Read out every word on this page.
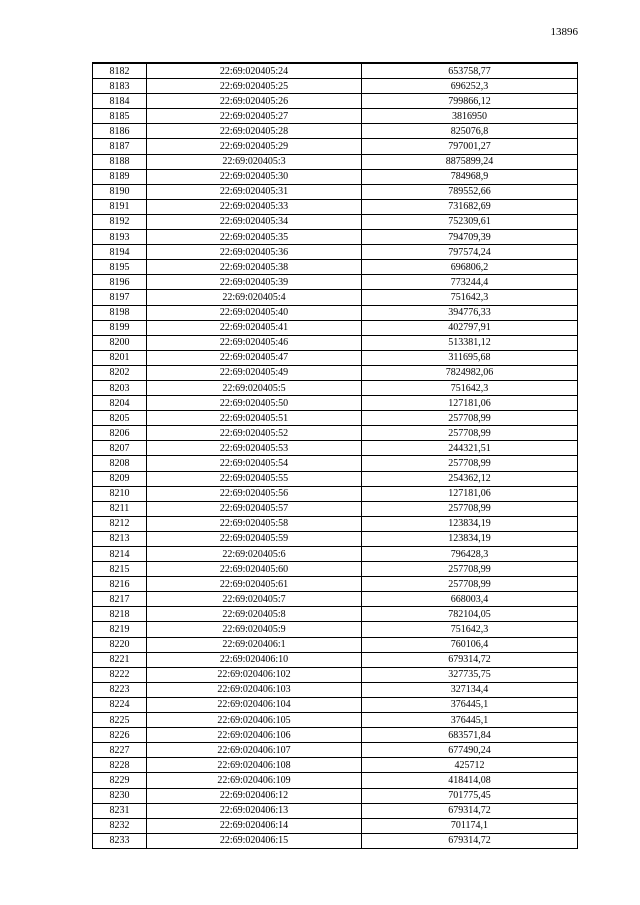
13896
8182	22:69:020405:24	653758,77
8183	22:69:020405:25	696252,3
8184	22:69:020405:26	799866,12
8185	22:69:020405:27	3816950
8186	22:69:020405:28	825076,8
8187	22:69:020405:29	797001,27
8188	22:69:020405:3	8875899,24
8189	22:69:020405:30	784968,9
8190	22:69:020405:31	789552,66
8191	22:69:020405:33	731682,69
8192	22:69:020405:34	752309,61
8193	22:69:020405:35	794709,39
8194	22:69:020405:36	797574,24
8195	22:69:020405:38	696806,2
8196	22:69:020405:39	773244,4
8197	22:69:020405:4	751642,3
8198	22:69:020405:40	394776,33
8199	22:69:020405:41	402797,91
8200	22:69:020405:46	513381,12
8201	22:69:020405:47	311695,68
8202	22:69:020405:49	7824982,06
8203	22:69:020405:5	751642,3
8204	22:69:020405:50	127181,06
8205	22:69:020405:51	257708,99
8206	22:69:020405:52	257708,99
8207	22:69:020405:53	244321,51
8208	22:69:020405:54	257708,99
8209	22:69:020405:55	254362,12
8210	22:69:020405:56	127181,06
8211	22:69:020405:57	257708,99
8212	22:69:020405:58	123834,19
8213	22:69:020405:59	123834,19
8214	22:69:020405:6	796428,3
8215	22:69:020405:60	257708,99
8216	22:69:020405:61	257708,99
8217	22:69:020405:7	668003,4
8218	22:69:020405:8	782104,05
8219	22:69:020405:9	751642,3
8220	22:69:020406:1	760106,4
8221	22:69:020406:10	679314,72
8222	22:69:020406:102	327735,75
8223	22:69:020406:103	327134,4
8224	22:69:020406:104	376445,1
8225	22:69:020406:105	376445,1
8226	22:69:020406:106	683571,84
8227	22:69:020406:107	677490,24
8228	22:69:020406:108	425712
8229	22:69:020406:109	418414,08
8230	22:69:020406:12	701775,45
8231	22:69:020406:13	679314,72
8232	22:69:020406:14	701174,1
8233	22:69:020406:15	679314,72
